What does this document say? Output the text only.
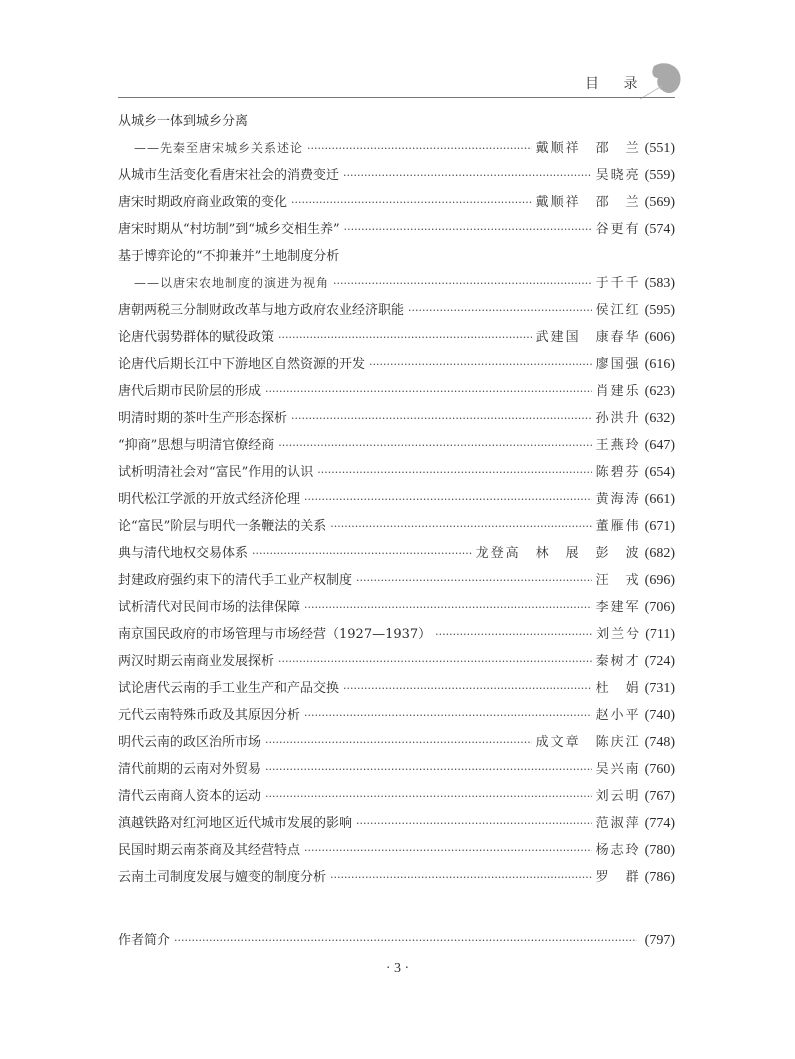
目 录
从城乡一体到城乡分离
——先秦至唐宋城乡关系述论 ·····	戴顺祥　邵　兰 (551)
从城市生活变化看唐宋社会的消费变迁 ·····	吴晓亮 (559)
唐宋时期政府商业政策的变化 ·····	戴顺祥　邵　兰 (569)
唐宋时期从“村坊制”到“城乡交相生养” ·····	谷更有 (574)
基于博弈论的“不抑兼并”土地制度分析
——以唐宋农地制度的演进为视角 ·····	于千千 (583)
唐朝两税三分制财政改革与地方政府农业经济职能 ·····	侯江红 (595)
论唐代弱势群体的赋役政策 ·····	武建国　康春华 (606)
论唐代后期长江中下游地区自然资源的开发 ·····	廖国强 (616)
唐代后期市民阶层的形成 ·····	肖建乐 (623)
明清时期的茶叶生产形态探析 ·····	孙洪升 (632)
“抑商”思想与明清官僚经商 ·····	王燕玲 (647)
试析明清社会对“富民”作用的认识 ·····	陈碧芬 (654)
明代松江学派的开放式经济伦理 ·····	黄海涛 (661)
论“富民”阶层与明代一条鞭法的关系 ·····	董雁伟 (671)
典与清代地权交易体系 ·····	龙登高　林　展　彭　波 (682)
封建政府强约束下的清代手工业产权制度 ·····	汪　戎 (696)
试析清代对民间市场的法律保障 ·····	李建军 (706)
南京国民政府的市场管理与市场经营（1927—1937） ·····	刘兰兮 (711)
两汉时期云南商业发展探析 ·····	秦树才 (724)
试论唐代云南的手工业生产和产品交换 ·····	杜　娟 (731)
元代云南特殊币政及其原因分析 ·····	赵小平 (740)
明代云南的政区治所市场 ·····	成文章　陈庆江 (748)
清代前期的云南对外贸易 ·····	吴兴南 (760)
清代云南商人资本的运动 ·····	刘云明 (767)
滇越铁路对红河地区近代城市发展的影响 ·····	范淑萍 (774)
民国时期云南茶商及其经营特点 ·····	杨志玲 (780)
云南土司制度发展与嬗变的制度分析 ·····	罗　群 (786)
作者简介 ·····	(797)
· 3 ·
